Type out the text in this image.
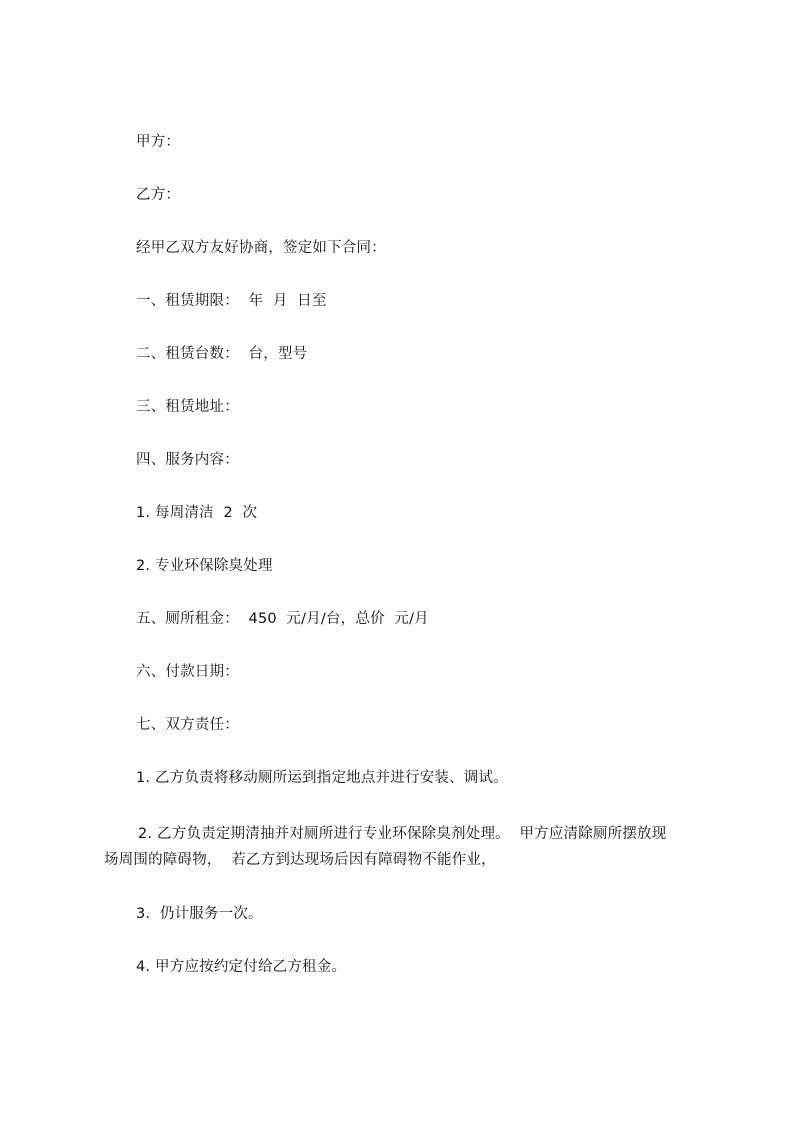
甲方：
乙方：
经甲乙双方友好协商，签定如下合同：
一、租赁期限：  年  月  日至
二、租赁台数：  台，型号
三、租赁地址：
四、服务内容：
1. 每周清洁  2  次
2. 专业环保除臭处理
五、厕所租金：  450  元/月/台，总价  元/月
六、付款日期：
七、双方责任：
1. 乙方负责将移动厕所运到指定地点并进行安装、调试。
2. 乙方负责定期清抽并对厕所进行专业环保除臭剂处理。  甲方应清除厕所摆放现
场周围的障碍物，  若乙方到达现场后因有障碍物不能作业，
3.  仍计服务一次。
4. 甲方应按约定付给乙方租金。
